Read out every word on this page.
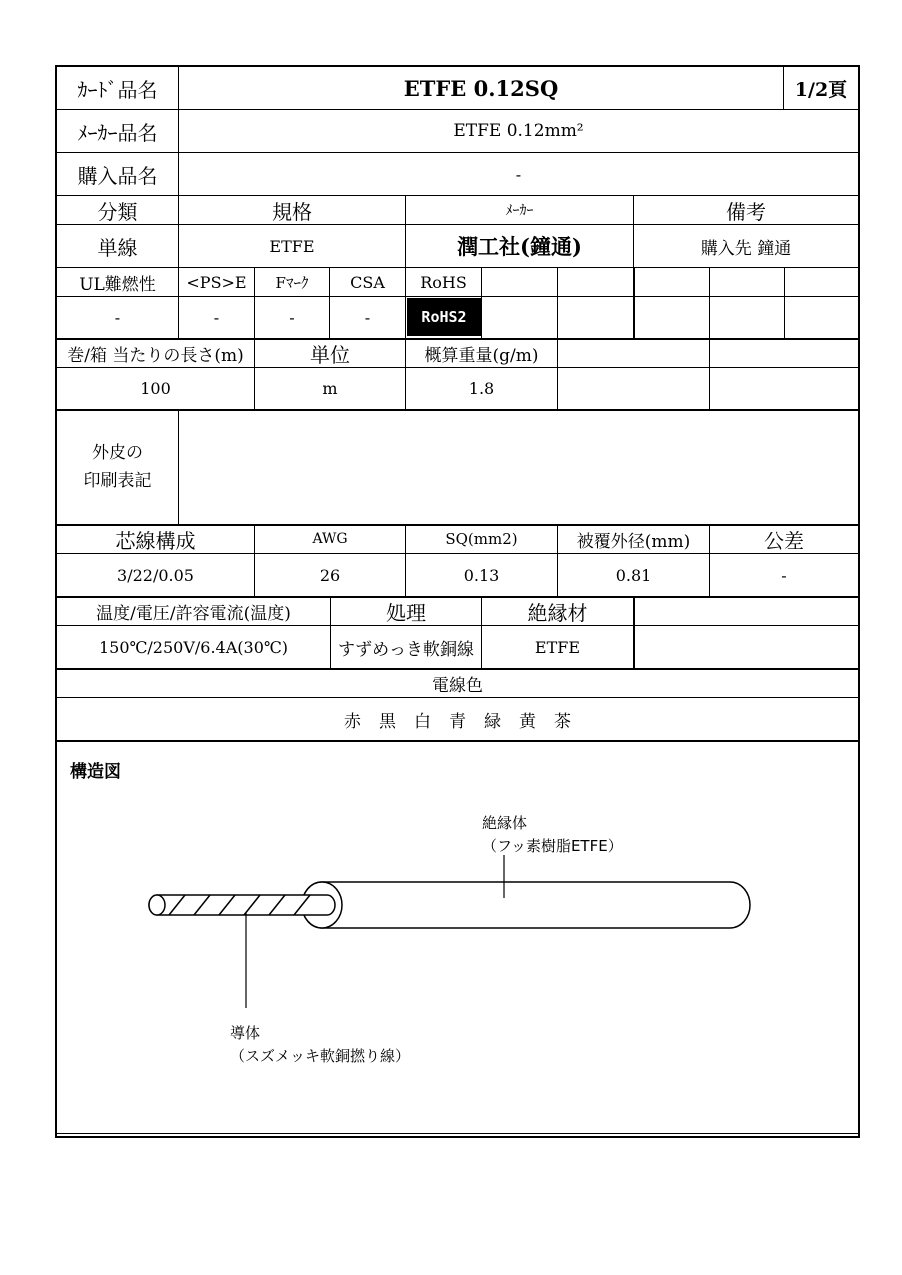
ｶｰﾄﾞ品名	ETFE 0.12SQ	1/2頁
ﾒｰｶｰ品名	ETFE 0.12mm²
購入品名	-
分類	規格	ﾒｰｶｰ	備考
単線	ETFE	潤工社(鐘通)	購入先 鐘通
UL難燃性	<PS>E	Fﾏｰｸ	CSA	RoHS
-	-	-	-	RoHS2
巻/箱 当たりの長さ(m)	単位	概算重量(g/m)
100	m	1.8
外皮の
印刷表記
芯線構成	AWG	SQ(mm2)	被覆外径(mm)	公差
3/22/0.05	26	0.13	0.81	-
温度/電圧/許容電流(温度)	処理	絶縁材
150℃/250V/6.4A(30℃)	すずめっき軟銅線	ETFE
電線色
赤 黒 白 青 緑 黄 茶
構造図
絶縁体
（フッ素樹脂ETFE）
導体
（スズメッキ軟銅撚り線）
